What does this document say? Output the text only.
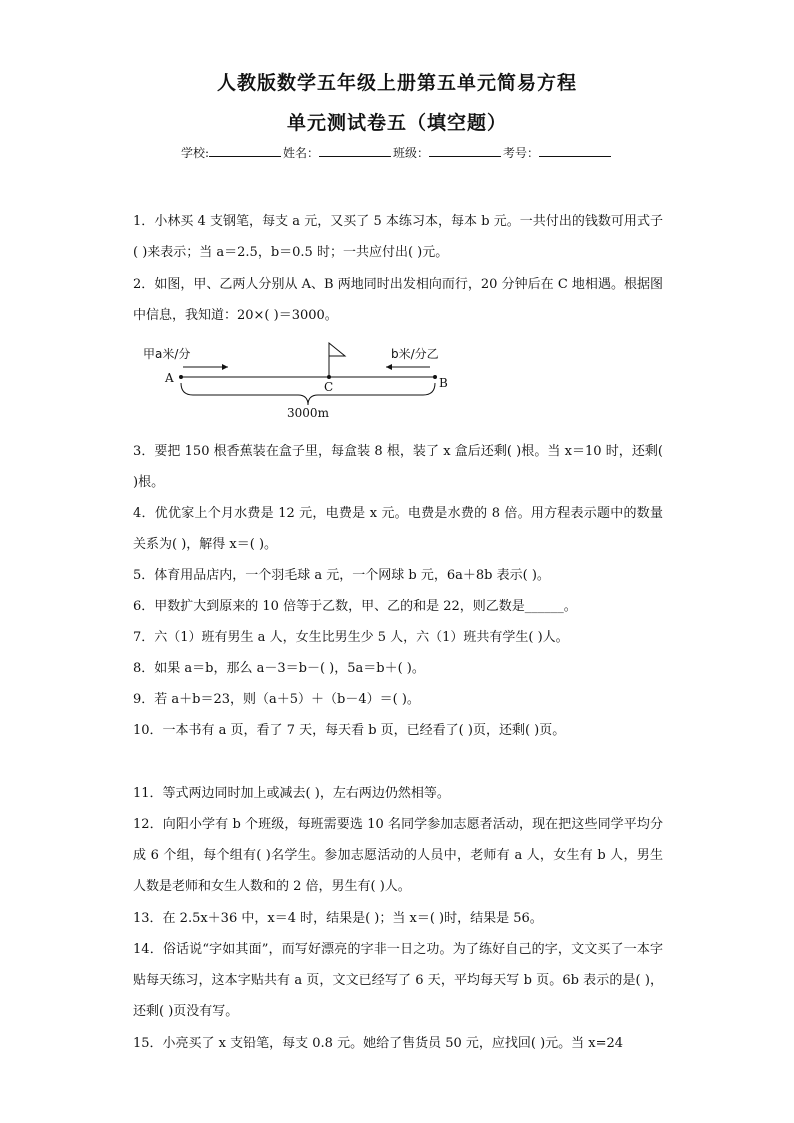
人教版数学五年级上册第五单元简易方程
单元测试卷五（填空题）
学校:	姓名：	班级：	考号：
1．小林买 4 支钢笔，每支 a 元，又买了 5 本练习本，每本 b 元。一共付出的钱数可用式子( )来表示；当 a＝2.5，b＝0.5 时；一共应付出( )元。
2．如图，甲、乙两人分别从 A、B 两地同时出发相向而行，20 分钟后在 C 地相遇。根据图中信息，我知道：20×( )＝3000。
甲a米/分	b米/分乙
A	B
C
3000m
3．要把 150 根香蕉装在盒子里，每盒装 8 根，装了 x 盒后还剩( )根。当 x＝10 时，还剩( )根。
4．优优家上个月水费是 12 元，电费是 x 元。电费是水费的 8 倍。用方程表示题中的数量关系为( )，解得 x＝( )。
5．体育用品店内，一个羽毛球 a 元，一个网球 b 元，6a＋8b 表示( )。
6．甲数扩大到原来的 10 倍等于乙数，甲、乙的和是 22，则乙数是______。
7．六（1）班有男生 a 人，女生比男生少 5 人，六（1）班共有学生( )人。
8．如果 a＝b，那么 a－3＝b－( )，5a＝b＋( )。
9．若 a＋b＝23，则（a＋5）＋（b－4）＝( )。
10．一本书有 a 页，看了 7 天，每天看 b 页，已经看了( )页，还剩( )页。
11．等式两边同时加上或减去( )，左右两边仍然相等。
12．向阳小学有 b 个班级，每班需要选 10 名同学参加志愿者活动，现在把这些同学平均分成 6 个组，每个组有( )名学生。参加志愿活动的人员中，老师有 a 人，女生有 b 人，男生人数是老师和女生人数和的 2 倍，男生有( )人。
13．在 2.5x＋36 中，x＝4 时，结果是( )；当 x＝( )时，结果是 56。
14．俗话说“字如其面”，而写好漂亮的字非一日之功。为了练好自己的字，文文买了一本字贴每天练习，这本字贴共有 a 页，文文已经写了 6 天，平均每天写 b 页。6b 表示的是( )，还剩( )页没有写。
15．小亮买了 x 支铅笔，每支 0.8 元。她给了售货员 50 元，应找回( )元。当 x=24
